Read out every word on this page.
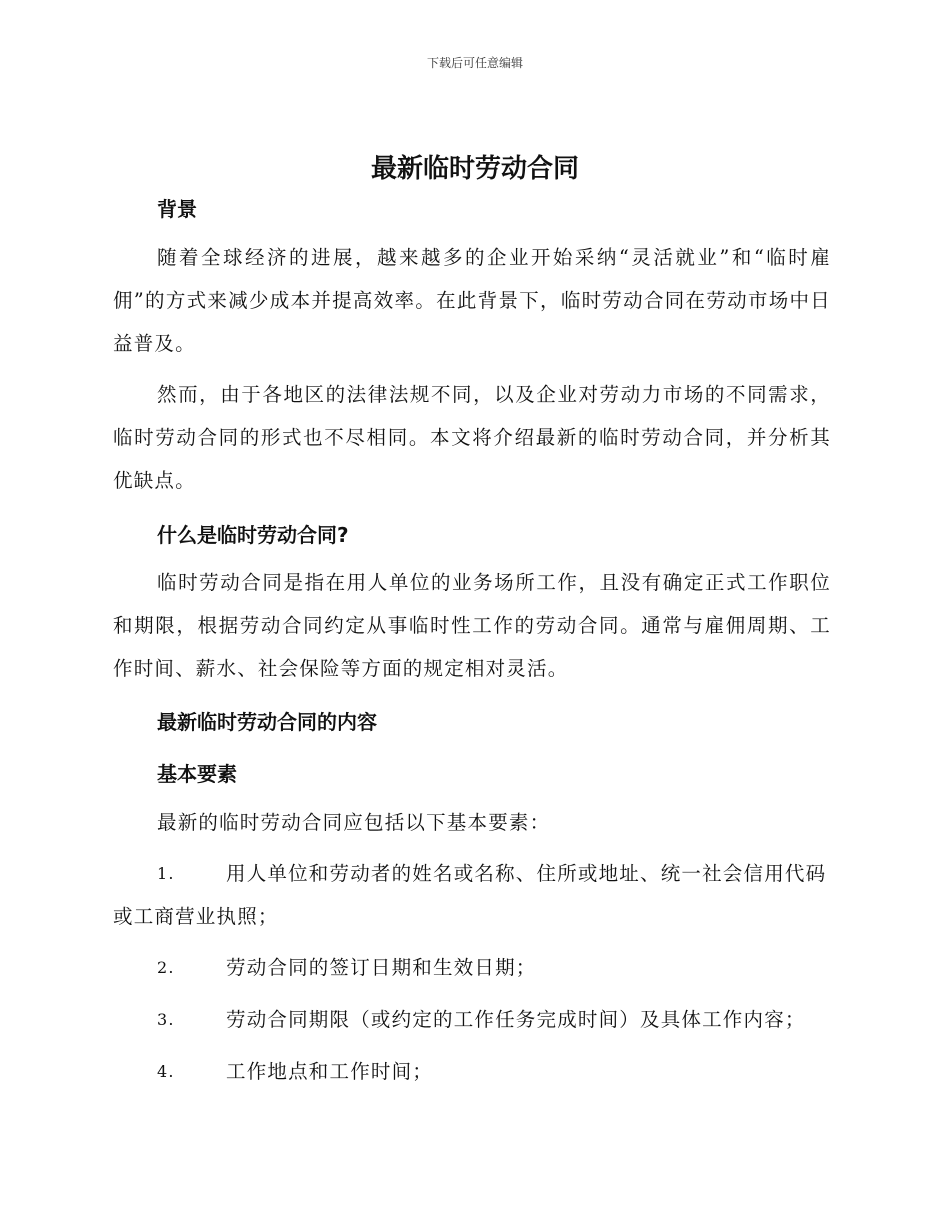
下载后可任意编辑
最新临时劳动合同
背景
随着全球经济的进展，越来越多的企业开始采纳“灵活就业”和“临时雇佣”的方式来减少成本并提高效率。在此背景下，临时劳动合同在劳动市场中日益普及。
然而，由于各地区的法律法规不同，以及企业对劳动力市场的不同需求，临时劳动合同的形式也不尽相同。本文将介绍最新的临时劳动合同，并分析其优缺点。
什么是临时劳动合同?
临时劳动合同是指在用人单位的业务场所工作，且没有确定正式工作职位和期限，根据劳动合同约定从事临时性工作的劳动合同。通常与雇佣周期、工作时间、薪水、社会保险等方面的规定相对灵活。
最新临时劳动合同的内容
基本要素
最新的临时劳动合同应包括以下基本要素：
1.	用人单位和劳动者的姓名或名称、住所或地址、统一社会信用代码或工商营业执照；
2.	劳动合同的签订日期和生效日期；
3.	劳动合同期限（或约定的工作任务完成时间）及具体工作内容；
4.	工作地点和工作时间；
